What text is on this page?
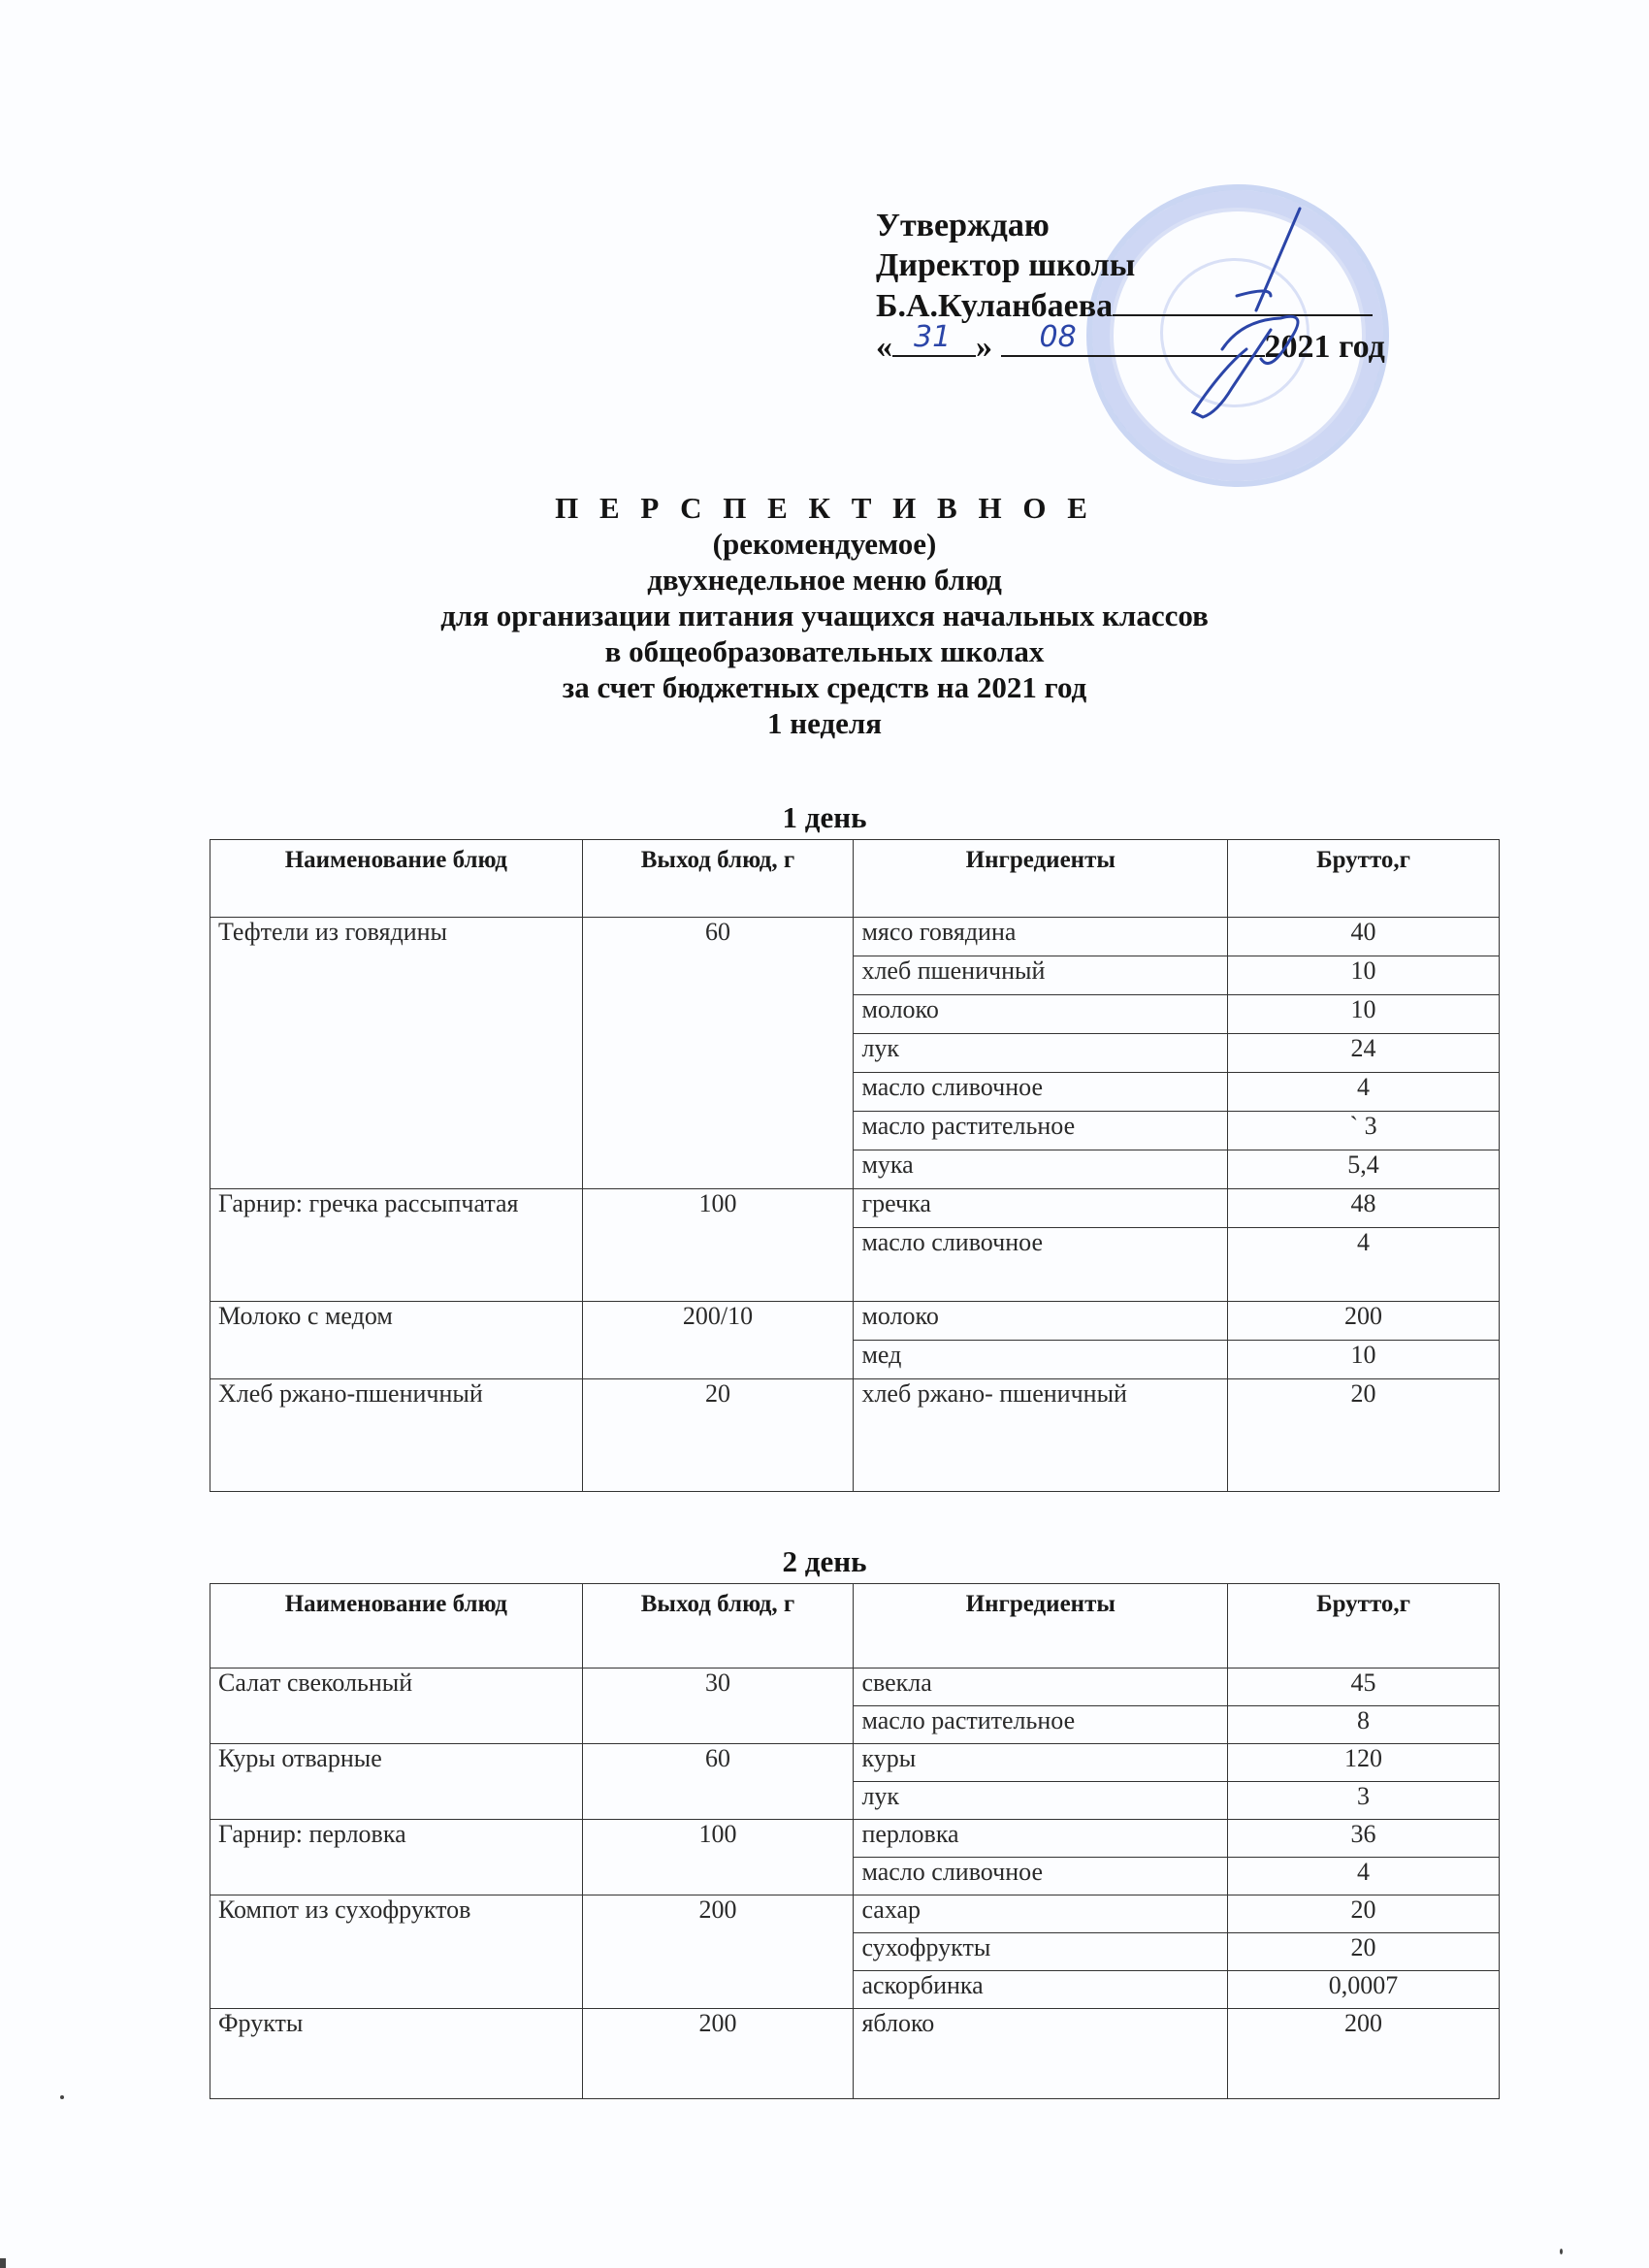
Утверждаю
Директор школы
Б.А.Куланбаева
« 31 » 08	2021 год
П Е Р С П Е К Т И В Н О Е
(рекомендуемое)
двухнедельное меню блюд
для организации питания учащихся начальных классов
в общеобразовательных школах
за счет бюджетных средств на 2021 год
1 неделя
1 день
Наименование блюд	Выход блюд, г	Ингредиенты	Брутто,г
Тефтели из говядины	60	мясо говядина	40
		хлеб пшеничный	10
		молоко	10
		лук	24
		масло сливочное	4
		масло растительное	` 3
		мука	5,4
Гарнир: гречка рассыпчатая	100	гречка	48
		масло сливочное	4
Молоко с медом	200/10	молоко	200
		мед	10
Хлеб ржано-пшеничный	20	хлеб ржано- пшеничный	20
2 день
Наименование блюд	Выход блюд, г	Ингредиенты	Брутто,г
Салат свекольный	30	свекла	45
		масло растительное	8
Куры отварные	60	куры	120
		лук	3
Гарнир: перловка	100	перловка	36
		масло сливочное	4
Компот из сухофруктов	200	сахар	20
		сухофрукты	20
		аскорбинка	0,0007
Фрукты	200	яблоко	200
